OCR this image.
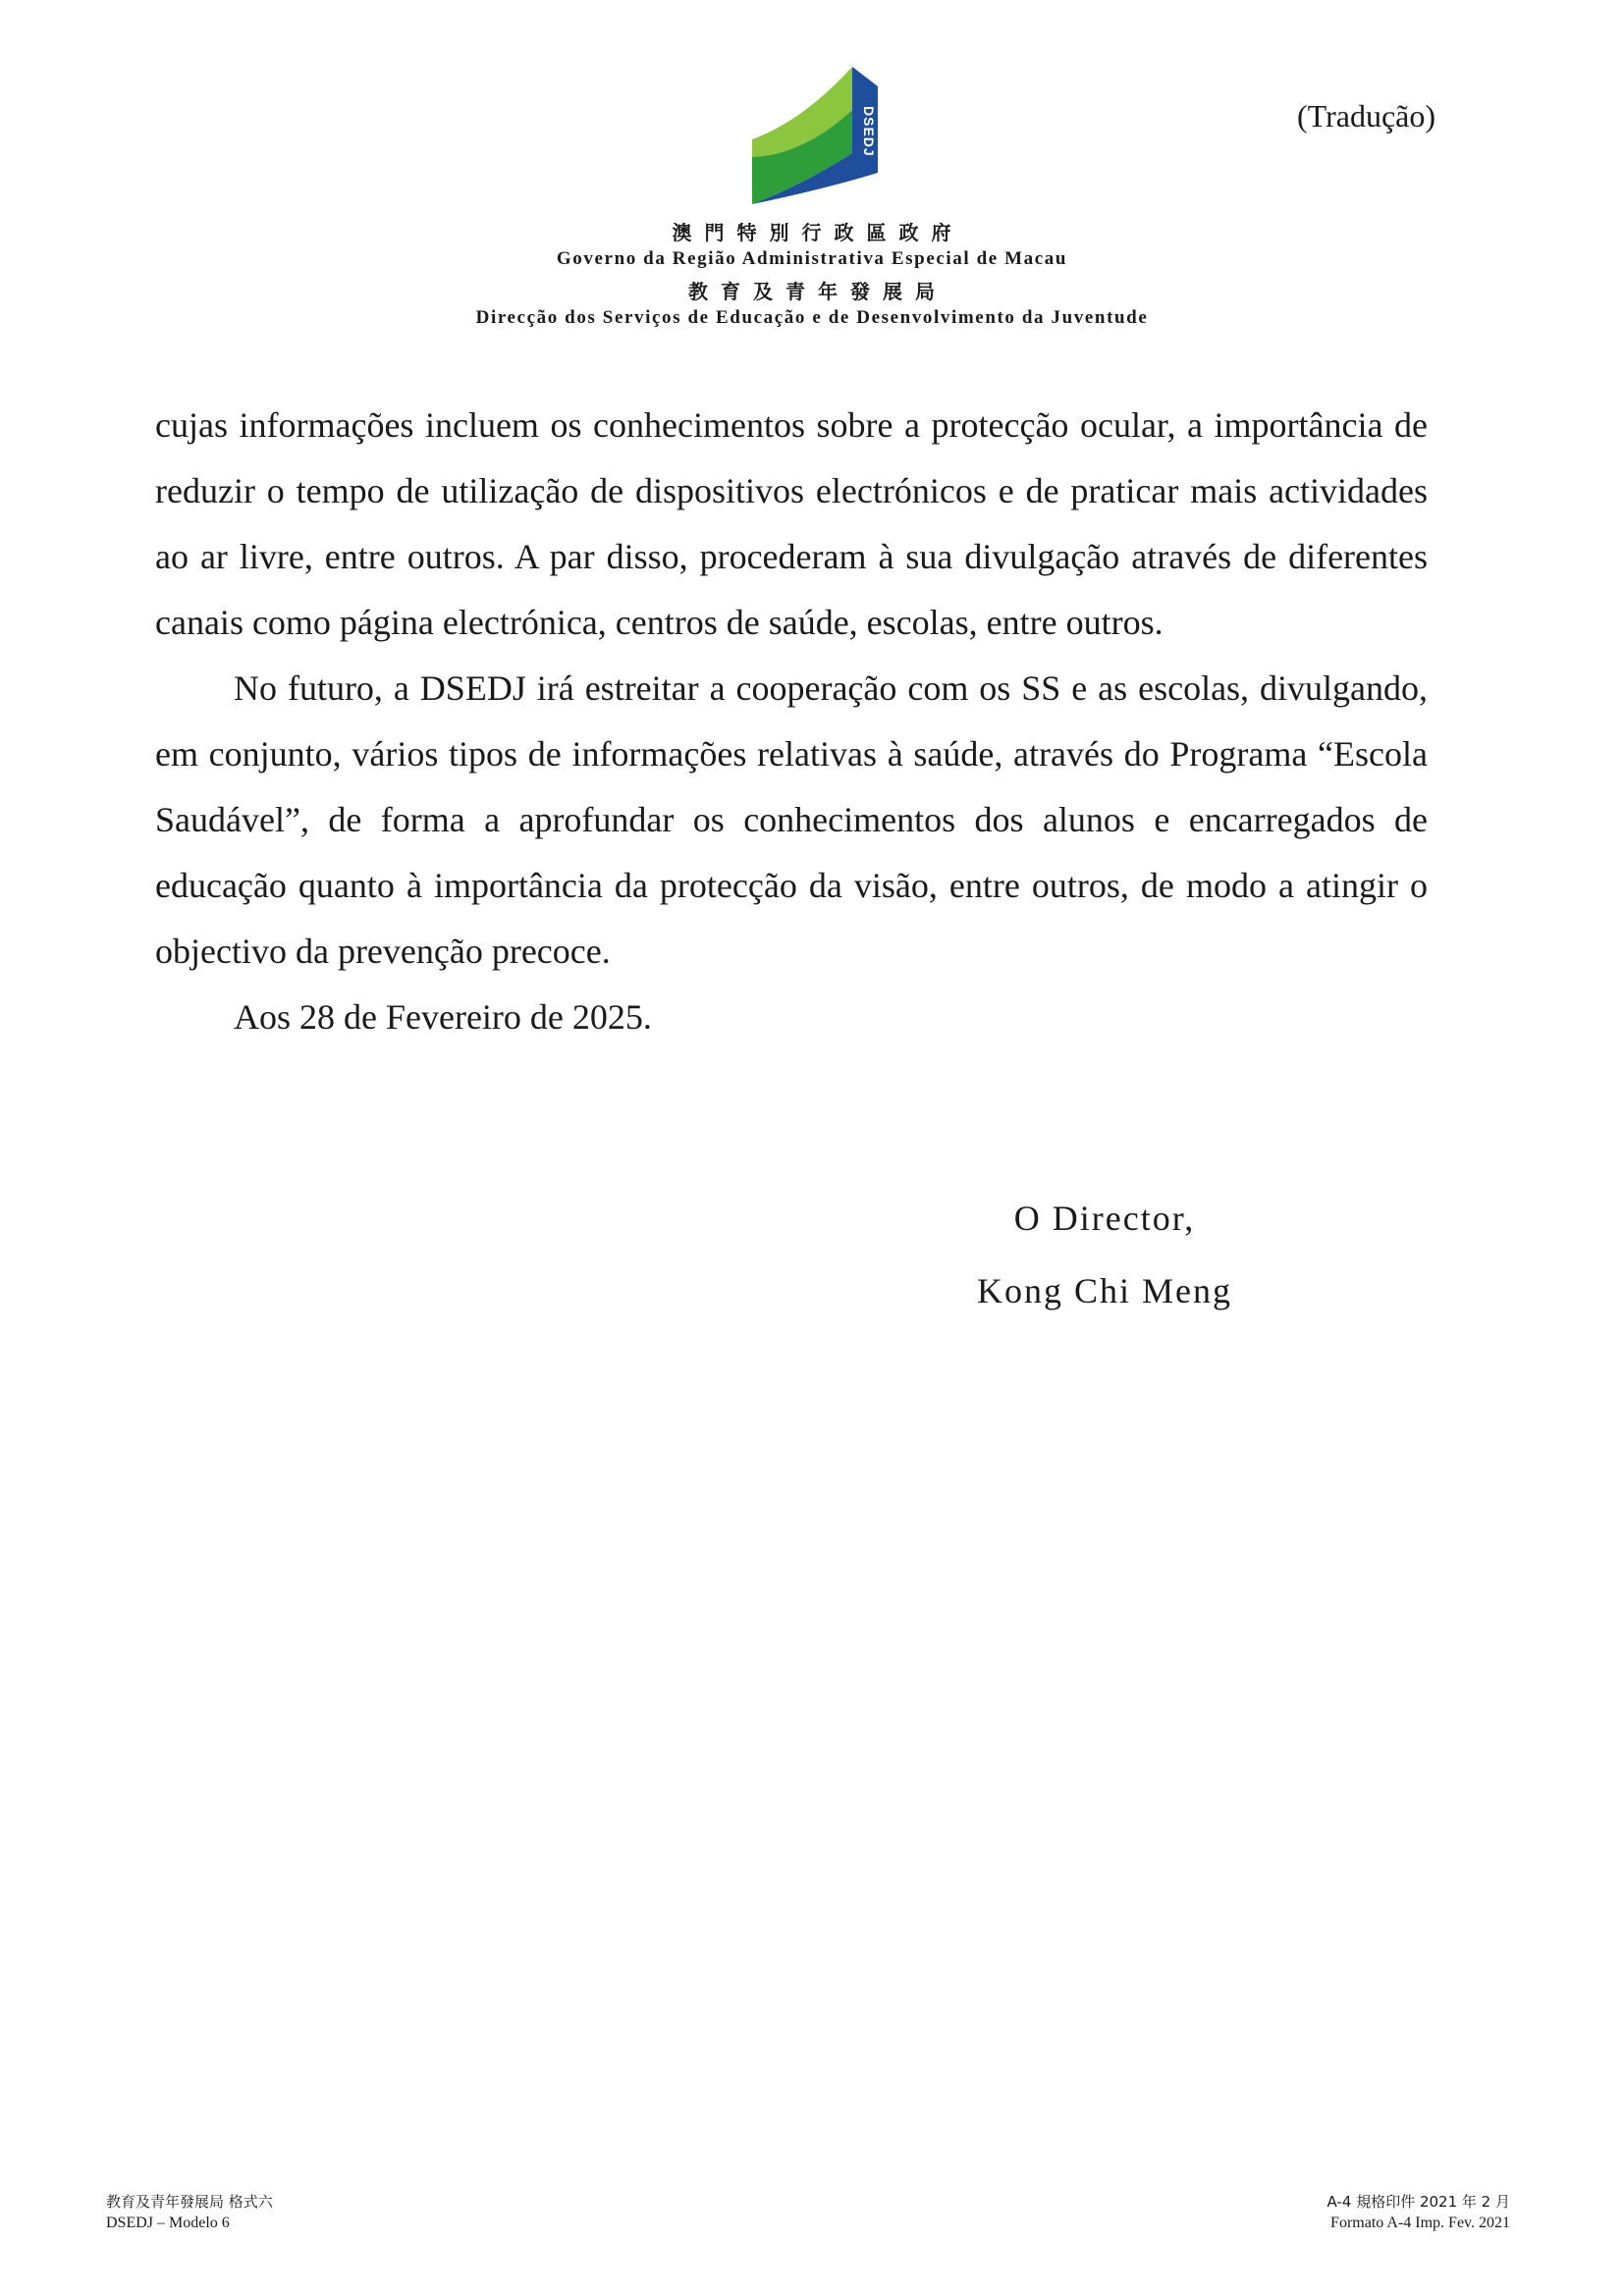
(Tradução)
DSEDJ
澳門特別行政區政府
Governo da Região Administrativa Especial de Macau
教育及青年發展局
Direcção dos Serviços de Educação e de Desenvolvimento da Juventude

cujas informações incluem os conhecimentos sobre a protecção ocular, a importância de reduzir o tempo de utilização de dispositivos electrónicos e de praticar mais actividades ao ar livre, entre outros. A par disso, procederam à sua divulgação através de diferentes canais como página electrónica, centros de saúde, escolas, entre outros.

No futuro, a DSEDJ irá estreitar a cooperação com os SS e as escolas, divulgando, em conjunto, vários tipos de informações relativas à saúde, através do Programa “Escola Saudável”, de forma a aprofundar os conhecimentos dos alunos e encarregados de educação quanto à importância da protecção da visão, entre outros, de modo a atingir o objectivo da prevenção precoce.

Aos 28 de Fevereiro de 2025.

O Director,
Kong Chi Meng
教育及青年發展局 格式六
DSEDJ – Modelo 6
A-4 規格印件 2021 年 2 月
Formato A-4 Imp. Fev. 2021
